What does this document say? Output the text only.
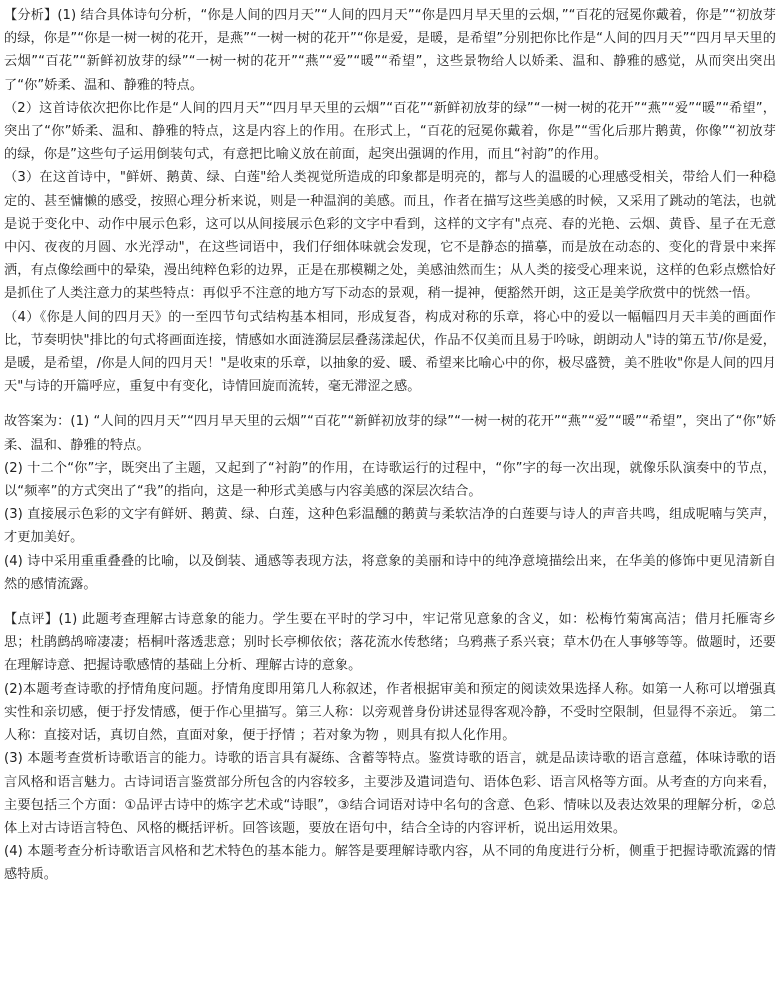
【分析】(1) 结合具体诗句分析，“你是人间的四月天”“人间的四月天”“你是四月早天里的云烟，”“百花的冠冕你戴着，你是”“初放芽的绿，你是”“你是一树一树的花开，是燕”“一树一树的花开”“你是爱，是暖，是希望”分别把你比作是“人间的四月天”“四月早天里的云烟”“百花”“新鲜初放芽的绿”“一树一树的花开”“燕”“爱”“暖”“希望”，这些景物给人以娇柔、温和、静雅的感觉，从而突出突出了“你”娇柔、温和、静雅的特点。

（2）这首诗依次把你比作是“人间的四月天”“四月早天里的云烟”“百花”“新鲜初放芽的绿”“一树一树的花开”“燕”“爱”“暖”“希望”，突出了“你”娇柔、温和、静雅的特点，这是内容上的作用。在形式上，“百花的冠冕你戴着，你是”“雪化后那片鹅黄，你像”“初放芽的绿，你是”这些句子运用倒装句式，有意把比喻义放在前面，起突出强调的作用，而且“衬韵”的作用。

（3）在这首诗中，"鲜妍、鹅黄、绿、白莲"给人类视觉所造成的印象都是明亮的，都与人的温暖的心理感受相关，带给人们一种稳定的、甚至慵懒的感受，按照心理分析来说，则是一种温润的美感。而且，作者在描写这些美感的时候，又采用了跳动的笔法，也就是说于变化中、动作中展示色彩，这可以从间接展示色彩的文字中看到，这样的文字有"点亮、春的光艳、云烟、黄昏、星子在无意中闪、夜夜的月圆、水光浮动"，在这些词语中，我们仔细体味就会发现，它不是静态的描摹，而是放在动态的、变化的背景中来挥洒，有点像绘画中的晕染，漫出纯粹色彩的边界，正是在那模糊之处，美感油然而生；从人类的接受心理来说，这样的色彩点燃恰好是抓住了人类注意力的某些特点：再似乎不注意的地方写下动态的景观，稍一提神，便豁然开朗，这正是美学欣赏中的恍然一悟。

（4）《你是人间的四月天》的一至四节句式结构基本相同，形成复沓，构成对称的乐章，将心中的爱以一幅幅四月天丰美的画面作比，节奏明快"排比的句式将画面连接，情感如水面涟漪层层叠荡漾起伏，作品不仅美而且易于吟咏，朗朗动人"诗的第五节/你是爱，是暖，是希望，/你是人间的四月天！"是收束的乐章，以抽象的爱、暖、希望来比喻心中的你，极尽盛赞，美不胜收"你是人间的四月天"与诗的开篇呼应，重复中有变化，诗情回旋而流转，毫无滞涩之感。

故答案为：(1) “人间的四月天”“四月早天里的云烟”“百花”“新鲜初放芽的绿”“一树一树的花开”“燕”“爱”“暖”“希望”，突出了“你”娇柔、温和、静雅的特点。

(2) 十二个“你”字，既突出了主题，又起到了“衬韵”的作用，在诗歌运行的过程中，“你”字的每一次出现，就像乐队演奏中的节点，以“频率”的方式突出了“我”的指向，这是一种形式美感与内容美感的深层次结合。

(3) 直接展示色彩的文字有鲜妍、鹅黄、绿、白莲，这种色彩温醺的鹅黄与柔软洁净的白莲要与诗人的声音共鸣，组成呢喃与笑声，才更加美好。

(4) 诗中采用重重叠叠的比喻，以及倒装、通感等表现方法，将意象的美丽和诗中的纯净意境描绘出来，在华美的修饰中更见清新自然的感情流露。

【点评】(1) 此题考查理解古诗意象的能力。学生要在平时的学习中，牢记常见意象的含义，如：松梅竹菊寓高洁；借月托雁寄乡思；杜鹃鹧鸪啼凄凄；梧桐叶落透悲意；别时长亭柳依依；落花流水传愁绪；乌鸦燕子系兴衰；草木仍在人事够等等。做题时，还要在理解诗意、把握诗歌感情的基础上分析、理解古诗的意象。

(2)本题考查诗歌的抒情角度问题。抒情角度即用第几人称叙述，作者根据审美和预定的阅读效果选择人称。如第一人称可以增强真实性和亲切感，便于抒发情感，便于作心里描写。第三人称：以旁观普身份讲述显得客观冷静，不受时空限制，但显得不亲近。 第二人称：直接对话，真切自然，直面对象，便于抒情 ；若对象为物 ，则具有拟人化作用。

(3) 本题考查赏析诗歌语言的能力。诗歌的语言具有凝练、含蓄等特点。鉴赏诗歌的语言，就是品读诗歌的语言意蕴，体味诗歌的语言风格和语言魅力。古诗词语言鉴赏部分所包含的内容较多，主要涉及遣词造句、语体色彩、语言风格等方面。从考查的方向来看，主要包括三个方面：①品评古诗中的炼字艺术或“诗眼”，③结合词语对诗中名句的含意、色彩、情味以及表达效果的理解分析，②总体上对古诗语言特色、风格的概括评析。回答该题，要放在语句中，结合全诗的内容评析，说出运用效果。

(4) 本题考查分析诗歌语言风格和艺术特色的基本能力。解答是要理解诗歌内容，从不同的角度进行分析，侧重于把握诗歌流露的情感特质。
